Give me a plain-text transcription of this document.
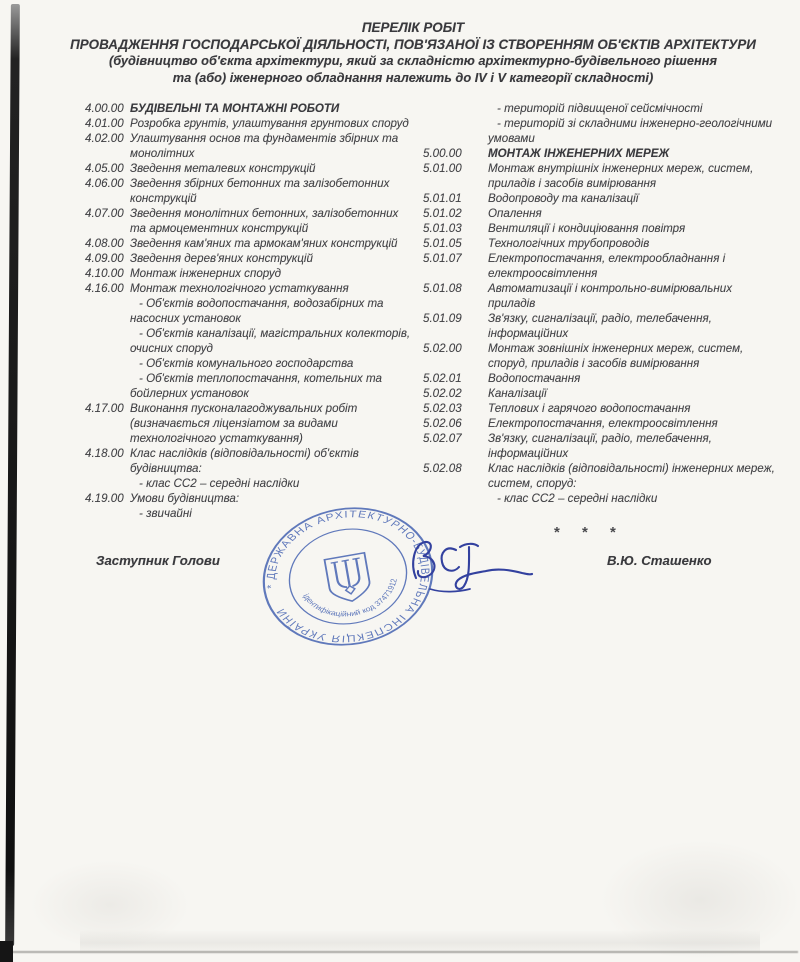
ПЕРЕЛІК РОБІТ
ПРОВАДЖЕННЯ ГОСПОДАРСЬКОЇ ДІЯЛЬНОСТІ, ПОВ'ЯЗАНОЇ ІЗ СТВОРЕННЯМ ОБ'ЄКТІВ АРХІТЕКТУРИ
(будівництво об'єкта архітектури, який за складністю архітектурно-будівельного рішення
та (або) іженерного обладнання належить до IV і V категорії складності)
4.00.00 БУДІВЕЛЬНІ ТА МОНТАЖНІ РОБОТИ
4.01.00 Розробка грунтів, улаштування грунтових споруд
4.02.00 Улаштування основ та фундаментів збірних та монолітних
4.05.00 Зведення металевих конструкцій
4.06.00 Зведення збірних бетонних та залізобетонних конструкцій
4.07.00 Зведення монолітних бетонних, залізобетонних та армоцементних конструкцій
4.08.00 Зведення кам'яних та армокам'яних конструкцій
4.09.00 Зведення дерев'яних конструкцій
4.10.00 Монтаж інженерних споруд
4.16.00 Монтаж технологічного устаткування
- Об'єктів водопостачання, водозабірних та насосних установок
- Об'єктів каналізації, магістральних колекторів, очисних споруд
- Об'єктів комунального господарства
- Об'єктів теплопостачання, котельних та бойлерних установок
4.17.00 Виконання пусконалагоджувальних робіт (визначається ліцензіатом за видами технологічного устаткування)
4.18.00 Клас наслідків (відповідальності) об'єктів будівництва:
- клас СС2 – середні наслідки
4.19.00 Умови будівництва:
- звичайні
- територій підвищеної сейсмічності
- територій зі складними інженерно-геологічними умовами
5.00.00	МОНТАЖ ІНЖЕНЕРНИХ МЕРЕЖ
5.01.00	Монтаж внутрішніх інженерних мереж, систем, приладів і засобів вимірювання
5.01.01	Водопроводу та каналізації
5.01.02	Опалення
5.01.03	Вентиляції і кондиціювання повітря
5.01.05	Технологічних трубопроводів
5.01.07	Електропостачання, електрообладнання і електроосвітлення
5.01.08	Автоматизації і контрольно-вимірювальних приладів
5.01.09	Зв'язку, сигналізації, радіо, телебачення, інформаційних
5.02.00	Монтаж зовнішніх інженерних мереж, систем, споруд, приладів і засобів вимірювання
5.02.01	Водопостачання
5.02.02	Каналізації
5.02.03	Теплових і гарячого водопостачання
5.02.06	Електропостачання, електроосвітлення
5.02.07	Зв'язку, сигналізації, радіо, телебачення, інформаційних
5.02.08	Клас наслідків (відповідальності) інженерних мереж, систем, споруд:
- клас СС2 – середні наслідки
* * *
Заступник Голови	В.Ю. Сташенко
* ДЕРЖАВНА АРХІТЕКТУРНО-БУДІВЕЛЬНА ІНСПЕКЦІЯ УКРАЇНИ
ідентифікаційний код 37471912
